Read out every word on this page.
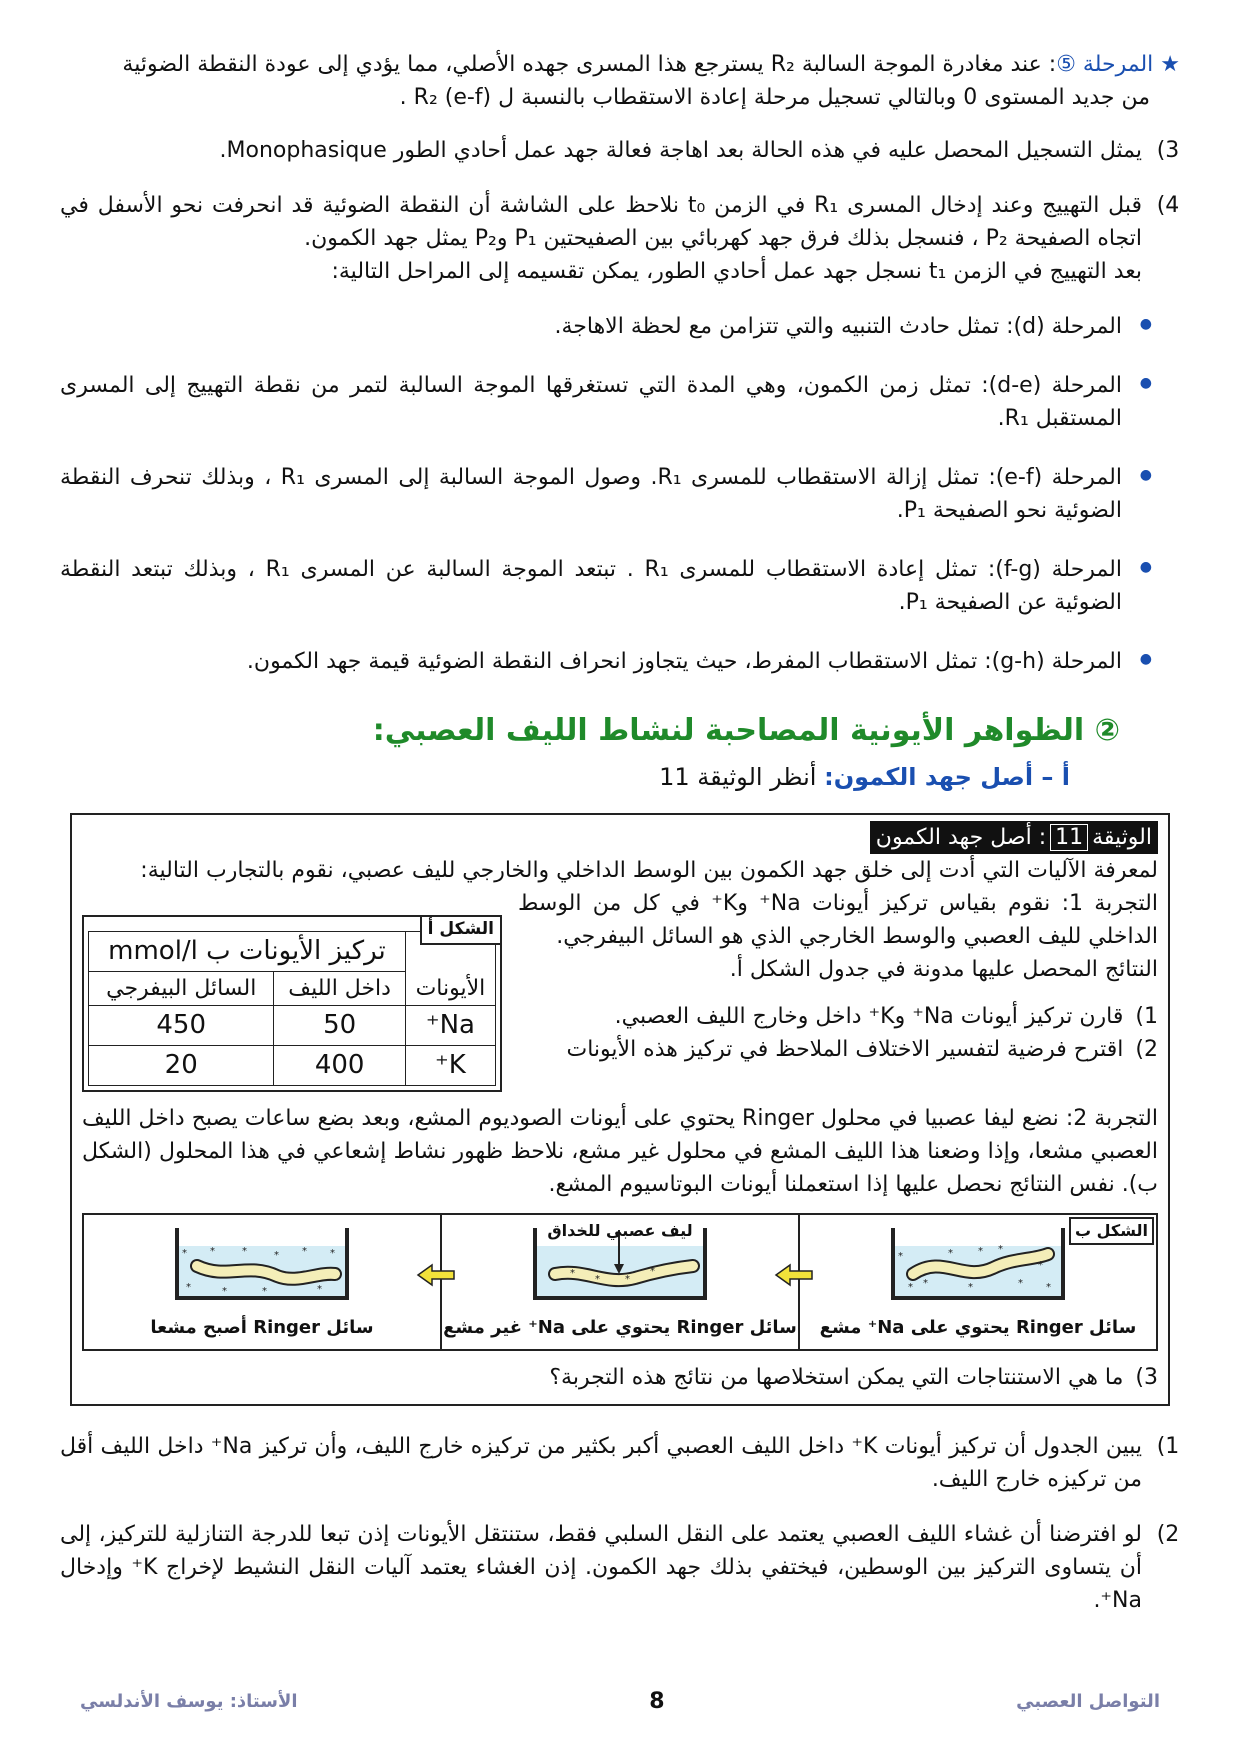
★ المرحلة ⑤: عند مغادرة الموجة السالبة R₂ يسترجع هذا المسرى جهده الأصلي، مما يؤدي إلى عودة النقطة الضوئية
من جديد المستوى 0 وبالتالي تسجيل مرحلة إعادة الاستقطاب بالنسبة ل R₂ (e-f) .

3)
يمثل التسجيل المحصل عليه في هذه الحالة بعد اهاجة فعالة جهد عمل أحادي الطور Monophasique.
4)
قبل التهييج وعند إدخال المسرى R₁ في الزمن t₀ نلاحظ على الشاشة أن النقطة الضوئية قد انحرفت نحو الأسفل في اتجاه الصفيحة P₂ ، فنسجل بذلك فرق جهد كهربائي بين الصفيحتين P₁ وP₂ يمثل جهد الكمون.
بعد التهييج في الزمن t₁ نسجل جهد عمل أحادي الطور، يمكن تقسيمه إلى المراحل التالية:
● المرحلة (d): تمثل حادث التنبيه والتي تتزامن مع لحظة الاهاجة.
● المرحلة (d-e): تمثل زمن الكمون، وهي المدة التي تستغرقها الموجة السالبة لتمر من نقطة التهييج إلى المسرى المستقبل R₁.
● المرحلة (e-f): تمثل إزالة الاستقطاب للمسرى R₁. وصول الموجة السالبة إلى المسرى R₁ ، وبذلك تنحرف النقطة الضوئية نحو الصفيحة P₁.
● المرحلة (f-g): تمثل إعادة الاستقطاب للمسرى R₁ . تبتعد الموجة السالبة عن المسرى R₁ ، وبذلك تبتعد النقطة الضوئية عن الصفيحة P₁.
● المرحلة (g-h): تمثل الاستقطاب المفرط، حيث يتجاوز انحراف النقطة الضوئية قيمة جهد الكمون.
② الظواهر الأيونية المصاحبة لنشاط الليف العصبي:
أ – أصل جهد الكمون: أنظر الوثيقة 11
الوثيقة11: أصل جهد الكمون
لمعرفة الآليات التي أدت إلى خلق جهد الكمون بين الوسط الداخلي والخارجي لليف عصبي، نقوم بالتجارب التالية:
التجربة 1: نقوم بقياس تركيز أيونات Na⁺ وK⁺ في كل من الوسط الداخلي لليف العصبي والوسط الخارجي الذي هو السائل البيفرجي.
النتائج المحصل عليها مدونة في جدول الشكل أ.
1)
قارن تركيز أيونات Na⁺ وK⁺ داخل وخارج الليف العصبي.
2)
اقترح فرضية لتفسير الاختلاف الملاحظ في تركيز هذه الأيونات
الشكل أ
الأيونات	تركيز الأيونات ب mmol/l	
	داخل الليف	السائل البيفرجي
Na⁺	50	450
K⁺	400	20
التجربة 2: نضع ليفا عصبيا في محلول Ringer يحتوي على أيونات الصوديوم المشع، وبعد بضع ساعات يصبح داخل الليف العصبي مشعا، وإذا وضعنا هذا الليف المشع في محلول غير مشع، نلاحظ ظهور نشاط إشعاعي في هذا المحلول (الشكل ب). نفس النتائج نحصل عليها إذا استعملنا أيونات البوتاسيوم المشع.
الشكل ب
*
*
*
*
*
*
*
*	*
*
سائل Ringer يحتوي على Na⁺ مشع
ليف عصبي للخداق
*
*	*
*
سائل Ringer يحتوي على Na⁺ غير مشع
* *	*	* * *
*	*	*	*
سائل Ringer أصبح مشعا
3)
ما هي الاستنتاجات التي يمكن استخلاصها من نتائج هذه التجربة؟
1)
يبين الجدول أن تركيز أيونات K⁺ داخل الليف العصبي أكبر بكثير من تركيزه خارج الليف، وأن تركيز Na⁺ داخل الليف أقل من تركيزه خارج الليف.
2)
لو افترضنا أن غشاء الليف العصبي يعتمد على النقل السلبي فقط، ستنتقل الأيونات إذن تبعا للدرجة التنازلية للتركيز، إلى أن يتساوى التركيز بين الوسطين، فيختفي بذلك جهد الكمون. إذن الغشاء يعتمد آليات النقل النشيط لإخراج K⁺ وإدخال Na⁺.
الأستاذ: يوسف الأندلسي	8	التواصل العصبي
